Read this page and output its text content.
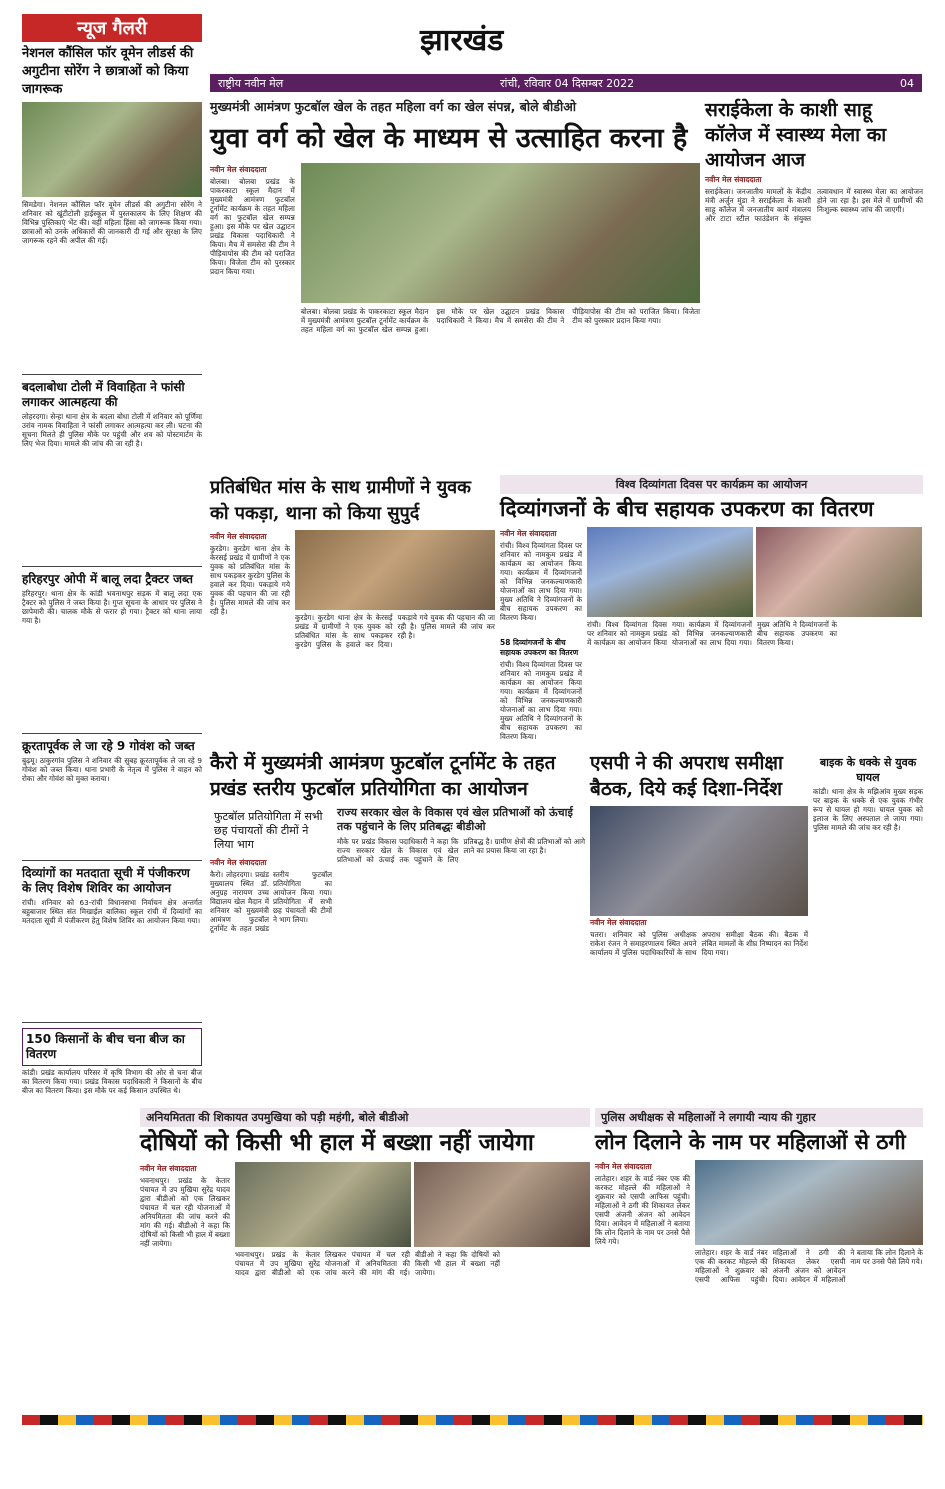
झारखंड
राष्ट्रीय नवीन मेल	रांची, रविवार 04 दिसम्बर 2022	04
न्यूज गैलरी
नेशनल कौंसिल फॉर वूमेन लीडर्स की अगुटीना सोरेंग ने छात्राओं को किया जागरूक
सिमडेगा। नेशनल कौंसिल फॉर वूमेन लीडर्स की अगुटीना सोरेंग ने शनिवार को खूंटीटोली हाईस्कूल में पुस्तकालय के लिए शिक्षण की विभिन्न पुस्तिकाएं भेंट की। वहीं महिला हिंसा को जागरूक किया गया। छात्राओं को उनके अधिकारों की जानकारी दी गई और सुरक्षा के लिए जागरूक रहने की अपील की गई।
बदलाबोधा टोली में विवाहिता ने फांसी लगाकर आत्महत्या की
लोहरदगा। सेन्हा थाना क्षेत्र के बदला बोधा टोली में शनिवार को पूर्णिमा उरांव नामक विवाहिता ने फांसी लगाकर आत्महत्या कर ली। घटना की सूचना मिलते ही पुलिस मौके पर पहुंची और शव को पोस्टमार्टम के लिए भेज दिया। मामले की जांच की जा रही है।
हरिहरपुर ओपी में बालू लदा ट्रैक्टर जब्त
हरिहरपुर। थाना क्षेत्र के कांडी भवनाथपुर सड़क में बालू लदा एक ट्रैक्टर को पुलिस ने जब्त किया है। गुप्त सूचना के आधार पर पुलिस ने छापेमारी की। चालक मौके से फरार हो गया। ट्रैक्टर को थाना लाया गया है।
क्रूरतापूर्वक ले जा रहे 9 गोवंश को जब्त
बुढ़मू। ठाकुरगांव पुलिस ने शनिवार की सुबह क्रूरतापूर्वक ले जा रहे 9 गोवंश को जब्त किया। थाना प्रभारी के नेतृत्व में पुलिस ने वाहन को रोका और गोवंश को मुक्त कराया।
दिव्यांगों का मतदाता सूची में पंजीकरण के लिए विशेष शिविर का आयोजन
रांची। शनिवार को 63-रांची विधानसभा निर्वाचन क्षेत्र अन्तर्गत बहुबाजार स्थित संत मिखाईल बालिका स्कूल रांची में दिव्यांगों का मतदाता सूची में पंजीकरण हेतु विशेष शिविर का आयोजन किया गया।
150 किसानों के बीच चना बीज का वितरण
कांडी। प्रखंड कार्यालय परिसर में कृषि विभाग की ओर से चना बीज का वितरण किया गया। प्रखंड विकास पदाधिकारी ने किसानों के बीच बीज का वितरण किया। इस मौके पर कई किसान उपस्थित थे।
मुख्यमंत्री आमंत्रण फुटबॉल खेल के तहत महिला वर्ग का खेल संपन्न, बोले बीडीओ
युवा वर्ग को खेल के माध्यम से उत्साहित करना है
नवीन मेल संवाददाता
बोलबा। बोलबा प्रखंड के पाकरकाटा स्कूल मैदान में मुख्यमंत्री आमंत्रण फुटबॉल टूर्नामेंट कार्यक्रम के तहत महिला वर्ग का फुटबॉल खेल सम्पन्न हुआ। इस मौके पर खेल उद्घाटन प्रखंड विकास पदाधिकारी ने किया। मैच में समसेरा की टीम ने पीड़ियापोस की टीम को पराजित किया। विजेता टीम को पुरस्कार प्रदान किया गया।
बोलबा। बोलबा प्रखंड के पाकरकाटा स्कूल मैदान में मुख्यमंत्री आमंत्रण फुटबॉल टूर्नामेंट कार्यक्रम के तहत महिला वर्ग का फुटबॉल खेल सम्पन्न हुआ। इस मौके पर खेल उद्घाटन प्रखंड विकास पदाधिकारी ने किया। मैच में समसेरा की टीम ने पीड़ियापोस की टीम को पराजित किया। विजेता टीम को पुरस्कार प्रदान किया गया।
सराईकेला के काशी साहू कॉलेज में स्वास्थ्य मेला का आयोजन आज
नवीन मेल संवाददाता
सराईकेला। जनजातीय मामलों के केंद्रीय मंत्री अर्जुन मुंडा ने सराईकेला के काशी साहू कॉलेज में जनजातीय कार्य मंत्रालय और टाटा स्टील फाउंडेशन के संयुक्त तत्वावधान में स्वास्थ्य मेला का आयोजन होने जा रहा है। इस मेले में ग्रामीणों की निःशुल्क स्वास्थ्य जांच की जाएगी।
प्रतिबंधित मांस के साथ ग्रामीणों ने युवक को पकड़ा, थाना को किया सुपुर्द
नवीन मेल संवाददाता
कुरडेग। कुरडेग थाना क्षेत्र के केरसई प्रखंड में ग्रामीणों ने एक युवक को प्रतिबंधित मांस के साथ पकड़कर कुरडेग पुलिस के हवाले कर दिया। पकड़ाये गये युवक की पहचान की जा रही है। पुलिस मामले की जांच कर रही है।
कुरडेग। कुरडेग थाना क्षेत्र के केरसई प्रखंड में ग्रामीणों ने एक युवक को प्रतिबंधित मांस के साथ पकड़कर कुरडेग पुलिस के हवाले कर दिया। पकड़ाये गये युवक की पहचान की जा रही है। पुलिस मामले की जांच कर रही है।
विश्व दिव्यांगता दिवस पर कार्यक्रम का आयोजन
दिव्यांगजनों के बीच सहायक उपकरण का वितरण
नवीन मेल संवाददाता
रांची। विश्व दिव्यांगता दिवस पर शनिवार को नामकुम प्रखंड में कार्यक्रम का आयोजन किया गया। कार्यक्रम में दिव्यांगजनों को विभिन्न जनकल्याणकारी योजनाओं का लाभ दिया गया। मुख्य अतिथि ने दिव्यांगजनों के बीच सहायक उपकरण का वितरण किया।
58 दिव्यांगजनों के बीच सहायक उपकरण का वितरण
रांची। विश्व दिव्यांगता दिवस पर शनिवार को नामकुम प्रखंड में कार्यक्रम का आयोजन किया गया। कार्यक्रम में दिव्यांगजनों को विभिन्न जनकल्याणकारी योजनाओं का लाभ दिया गया। मुख्य अतिथि ने दिव्यांगजनों के बीच सहायक उपकरण का वितरण किया।
रांची। विश्व दिव्यांगता दिवस पर शनिवार को नामकुम प्रखंड में कार्यक्रम का आयोजन किया गया। कार्यक्रम में दिव्यांगजनों को विभिन्न जनकल्याणकारी योजनाओं का लाभ दिया गया। मुख्य अतिथि ने दिव्यांगजनों के बीच सहायक उपकरण का वितरण किया।
कैरो में मुख्यमंत्री आमंत्रण फुटबॉल टूर्नामेंट के तहत प्रखंड स्तरीय फुटबॉल प्रतियोगिता का आयोजन
फुटबॉल प्रतियोगिता में सभी छह पंचायतों की टीमों ने लिया भाग
नवीन मेल संवाददाता
कैरो। लोहरदगा। प्रखंड मुख्यालय स्थित डॉ. अनुग्रह नारायण उच्च विद्यालय खेल मैदान में शनिवार को मुख्यमंत्री आमंत्रण फुटबॉल टूर्नामेंट के तहत प्रखंड स्तरीय फुटबॉल प्रतियोगिता का आयोजन किया गया। प्रतियोगिता में सभी छह पंचायतों की टीमों ने भाग लिया।
राज्य सरकार खेल के विकास एवं खेल प्रतिभाओं को ऊंचाई तक पहुंचाने के लिए प्रतिबद्धः बीडीओ
मौके पर प्रखंड विकास पदाधिकारी ने कहा कि राज्य सरकार खेल के विकास एवं खेल प्रतिभाओं को ऊंचाई तक पहुंचाने के लिए प्रतिबद्ध है। ग्रामीण क्षेत्रों की प्रतिभाओं को आगे लाने का प्रयास किया जा रहा है।
एसपी ने की अपराध समीक्षा बैठक, दिये कई दिशा-निर्देश
नवीन मेल संवाददाता
चतरा। शनिवार को पुलिस अधीक्षक राकेश रंजन ने समाहरणालय स्थित अपने कार्यालय में पुलिस पदाधिकारियों के साथ अपराध समीक्षा बैठक की। बैठक में लंबित मामलों के शीघ्र निष्पादन का निर्देश दिया गया।
बाइक के धक्के से युवक घायल
कांडी। थाना क्षेत्र के मझिआंव मुख्य सड़क पर बाइक के धक्के से एक युवक गंभीर रूप से घायल हो गया। घायल युवक को इलाज के लिए अस्पताल ले जाया गया। पुलिस मामले की जांच कर रही है।
अनियमितता की शिकायत उपमुखिया को पड़ी महंगी, बोले बीडीओ
दोषियों को किसी भी हाल में बख्शा नहीं जायेगा
नवीन मेल संवाददाता
भवनाथपुर। प्रखंड के केतार पंचायत में उप मुखिया सुरेंद्र यादव द्वारा बीडीओ को एक लिखकर पंचायत में चल रही योजनाओं में अनियमितता की जांच करने की मांग की गई। बीडीओ ने कहा कि दोषियों को किसी भी हाल में बख्शा नहीं जायेगा।
भवनाथपुर। प्रखंड के केतार पंचायत में उप मुखिया सुरेंद्र यादव द्वारा बीडीओ को एक लिखकर पंचायत में चल रही योजनाओं में अनियमितता की जांच करने की मांग की गई। बीडीओ ने कहा कि दोषियों को किसी भी हाल में बख्शा नहीं जायेगा।
पुलिस अधीक्षक से महिलाओं ने लगायी न्याय की गुहार
लोन दिलाने के नाम पर महिलाओं से ठगी
नवीन मेल संवाददाता
लातेहार। शहर के वार्ड नंबर एक की करकट मोहल्ले की महिलाओं ने शुक्रवार को एसपी आफिस पहुंची। महिलाओं ने ठगी की शिकायत लेकर एसपी अंजनी अंजन को आवेदन दिया। आवेदन में महिलाओं ने बताया कि लोन दिलाने के नाम पर उनसे पैसे लिये गये।
लातेहार। शहर के वार्ड नंबर एक की करकट मोहल्ले की महिलाओं ने शुक्रवार को एसपी आफिस पहुंची। महिलाओं ने ठगी की शिकायत लेकर एसपी अंजनी अंजन को आवेदन दिया। आवेदन में महिलाओं ने बताया कि लोन दिलाने के नाम पर उनसे पैसे लिये गये।
